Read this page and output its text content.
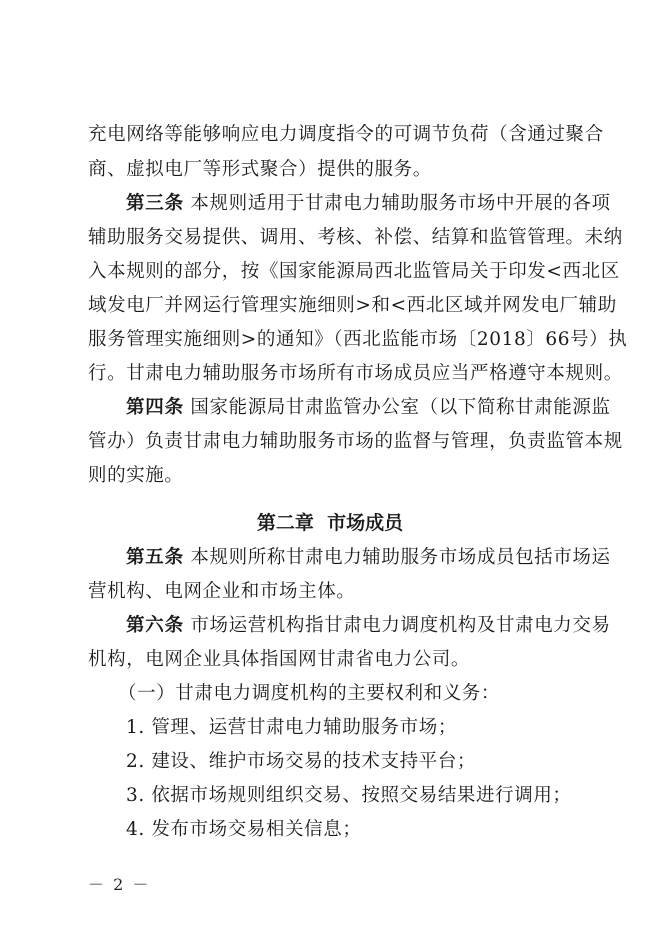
充电网络等能够响应电力调度指令的可调节负荷（含通过聚合
商、虚拟电厂等形式聚合）提供的服务。
第三条 本规则适用于甘肃电力辅助服务市场中开展的各项
辅助服务交易提供、调用、考核、补偿、结算和监管管理。未纳
入本规则的部分，按《国家能源局西北监管局关于印发<西北区
域发电厂并网运行管理实施细则>和<西北区域并网发电厂辅助
服务管理实施细则>的通知》（西北监能市场〔2018〕66号）执
行。甘肃电力辅助服务市场所有市场成员应当严格遵守本规则。
第四条 国家能源局甘肃监管办公室（以下简称甘肃能源监
管办）负责甘肃电力辅助服务市场的监督与管理，负责监管本规
则的实施。
第二章  市场成员
第五条 本规则所称甘肃电力辅助服务市场成员包括市场运
营机构、电网企业和市场主体。
第六条 市场运营机构指甘肃电力调度机构及甘肃电力交易
机构，电网企业具体指国网甘肃省电力公司。
（一）甘肃电力调度机构的主要权利和义务：
1. 管理、运营甘肃电力辅助服务市场；
2. 建设、维护市场交易的技术支持平台；
3. 依据市场规则组织交易、按照交易结果进行调用；
4. 发布市场交易相关信息；
－ 2 －
